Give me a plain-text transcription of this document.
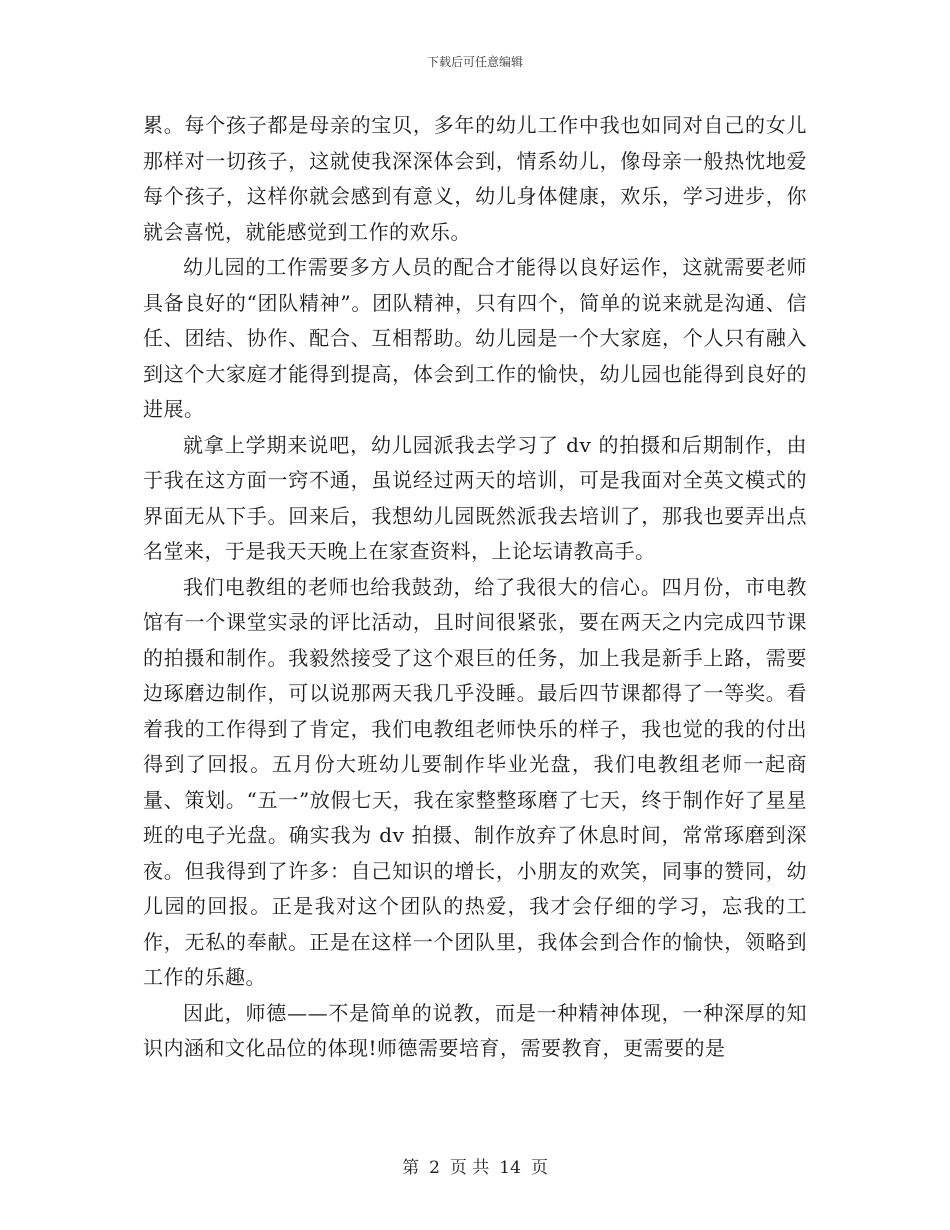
下载后可任意编辑

累。每个孩子都是母亲的宝贝，多年的幼儿工作中我也如同对自己的女儿那样对一切孩子，这就使我深深体会到，情系幼儿，像母亲一般热忱地爱每个孩子，这样你就会感到有意义，幼儿身体健康，欢乐，学习进步，你就会喜悦，就能感觉到工作的欢乐。

幼儿园的工作需要多方人员的配合才能得以良好运作，这就需要老师具备良好的“团队精神”。团队精神，只有四个，简单的说来就是沟通、信任、团结、协作、配合、互相帮助。幼儿园是一个大家庭，个人只有融入到这个大家庭才能得到提高，体会到工作的愉快，幼儿园也能得到良好的进展。

就拿上学期来说吧，幼儿园派我去学习了 dv 的拍摄和后期制作，由于我在这方面一窍不通，虽说经过两天的培训，可是我面对全英文模式的界面无从下手。回来后，我想幼儿园既然派我去培训了，那我也要弄出点名堂来，于是我天天晚上在家查资料，上论坛请教高手。

我们电教组的老师也给我鼓劲，给了我很大的信心。四月份，市电教馆有一个课堂实录的评比活动，且时间很紧张，要在两天之内完成四节课的拍摄和制作。我毅然接受了这个艰巨的任务，加上我是新手上路，需要边琢磨边制作，可以说那两天我几乎没睡。最后四节课都得了一等奖。看着我的工作得到了肯定，我们电教组老师快乐的样子，我也觉的我的付出得到了回报。五月份大班幼儿要制作毕业光盘，我们电教组老师一起商量、策划。“五一”放假七天，我在家整整琢磨了七天，终于制作好了星星班的电子光盘。确实我为 dv 拍摄、制作放弃了休息时间，常常琢磨到深夜。但我得到了许多：自己知识的增长，小朋友的欢笑，同事的赞同，幼儿园的回报。正是我对这个团队的热爱，我才会仔细的学习，忘我的工作，无私的奉献。正是在这样一个团队里，我体会到合作的愉快，领略到工作的乐趣。

因此，师德——不是简单的说教，而是一种精神体现，一种深厚的知识内涵和文化品位的体现!师德需要培育，需要教育，更需要的是

第 2 页 共 14 页
